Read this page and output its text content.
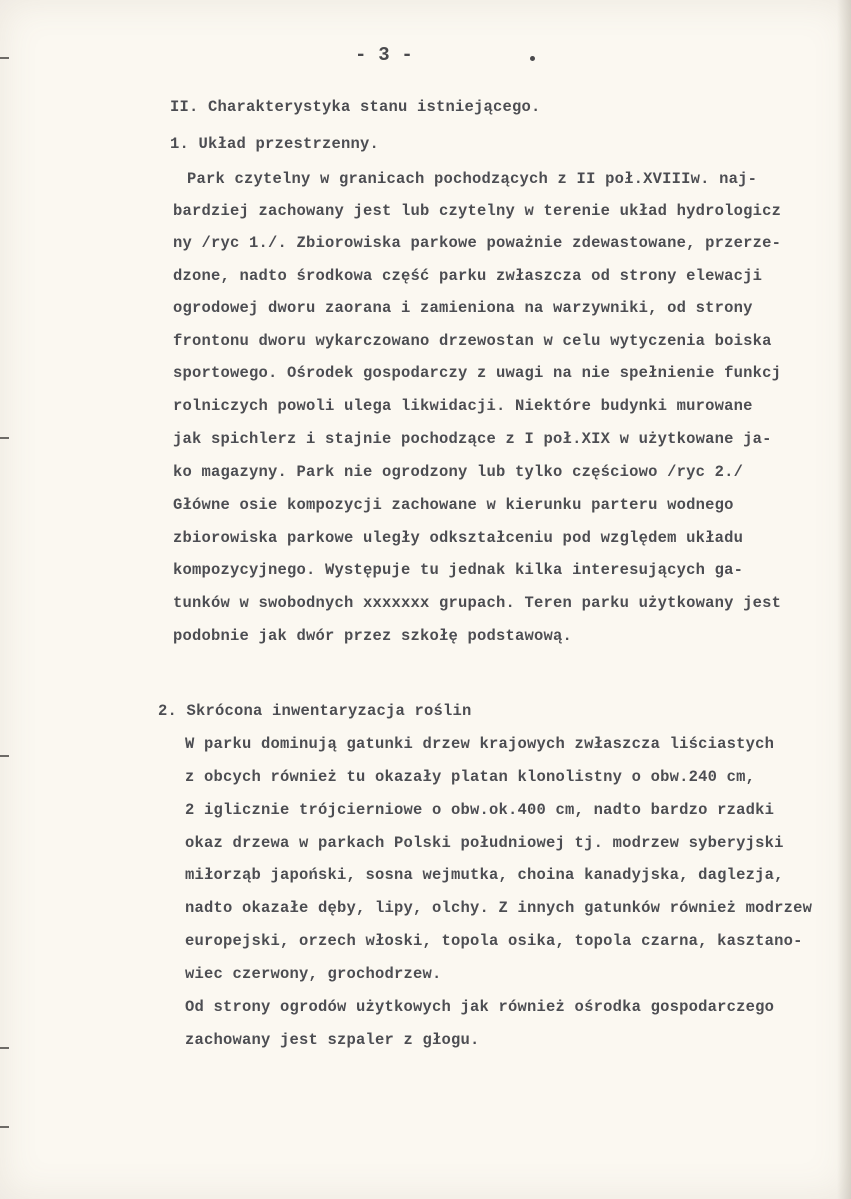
- 3 -
II. Charakterystyka stanu istniejącego.
1. Układ przestrzenny.
Park czytelny w granicach pochodzących z II poł.XVIIIw. naj-
bardziej zachowany jest lub czytelny w terenie układ hydrologicz
ny /ryc 1./. Zbiorowiska parkowe poważnie zdewastowane, przerze-
dzone, nadto środkowa część parku zwłaszcza od strony elewacji
ogrodowej dworu zaorana i zamieniona na warzywniki, od strony
frontonu dworu wykarczowano drzewostan w celu wytyczenia boiska
sportowego. Ośrodek gospodarczy z uwagi na nie spełnienie funkcj
rolniczych powoli ulega likwidacji. Niektóre budynki murowane
jak spichlerz i stajnie pochodzące z I poł.XIX w użytkowane ja-
ko magazyny. Park nie ogrodzony lub tylko częściowo /ryc 2./
Główne osie kompozycji zachowane w kierunku parteru wodnego
zbiorowiska parkowe uległy odkształceniu pod względem układu
kompozycyjnego. Występuje tu jednak kilka interesujących ga-
tunków w swobodnych xxxxxxx grupach. Teren parku użytkowany jest
podobnie jak dwór przez szkołę podstawową.
2. Skrócona inwentaryzacja roślin
W parku dominują gatunki drzew krajowych zwłaszcza liściastych
z obcych również tu okazały platan klonolistny o obw.240 cm,
2 iglicznie trójcierniowe o obw.ok.400 cm, nadto bardzo rzadki
okaz drzewa w parkach Polski południowej tj. modrzew syberyjski
miłorząb japoński, sosna wejmutka, choina kanadyjska, daglezja,
nadto okazałe dęby, lipy, olchy. Z innych gatunków również modrzew
europejski, orzech włoski, topola osika, topola czarna, kasztano-
wiec czerwony, grochodrzew.
Od strony ogrodów użytkowych jak również ośrodka gospodarczego
zachowany jest szpaler z głogu.
